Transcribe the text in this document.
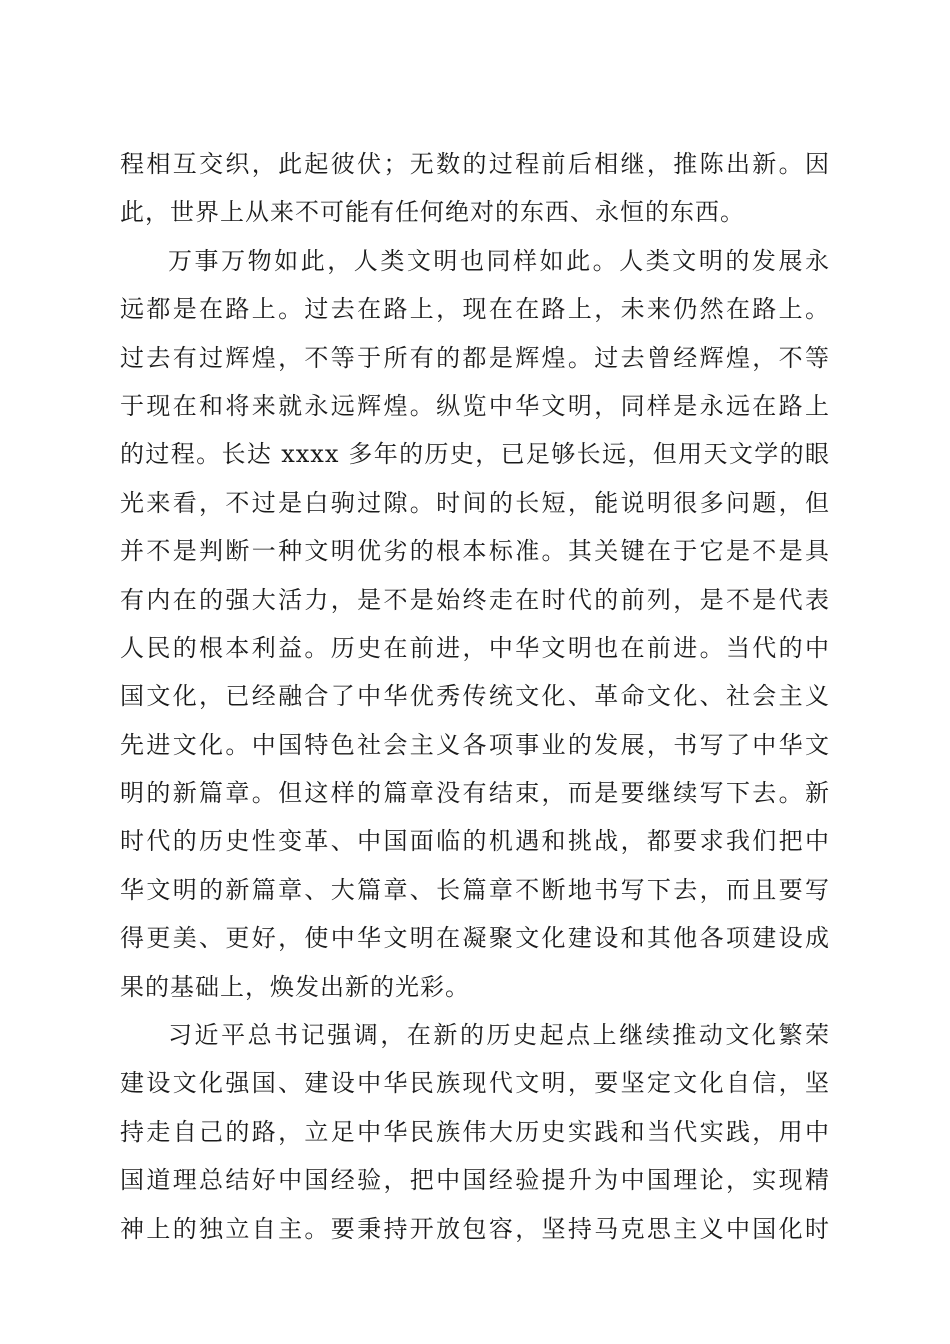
程相互交织，此起彼伏；无数的过程前后相继，推陈出新。因
此，世界上从来不可能有任何绝对的东西、永恒的东西。
万事万物如此，人类文明也同样如此。人类文明的发展永
远都是在路上。过去在路上，现在在路上，未来仍然在路上。
过去有过辉煌，不等于所有的都是辉煌。过去曾经辉煌，不等
于现在和将来就永远辉煌。纵览中华文明，同样是永远在路上
的过程。长达 xxxx 多年的历史，已足够长远，但用天文学的眼
光来看，不过是白驹过隙。时间的长短，能说明很多问题，但
并不是判断一种文明优劣的根本标准。其关键在于它是不是具
有内在的强大活力，是不是始终走在时代的前列，是不是代表
人民的根本利益。历史在前进，中华文明也在前进。当代的中
国文化，已经融合了中华优秀传统文化、革命文化、社会主义
先进文化。中国特色社会主义各项事业的发展，书写了中华文
明的新篇章。但这样的篇章没有结束，而是要继续写下去。新
时代的历史性变革、中国面临的机遇和挑战，都要求我们把中
华文明的新篇章、大篇章、长篇章不断地书写下去，而且要写
得更美、更好，使中华文明在凝聚文化建设和其他各项建设成
果的基础上，焕发出新的光彩。
习近平总书记强调，在新的历史起点上继续推动文化繁荣
建设文化强国、建设中华民族现代文明，要坚定文化自信，坚
持走自己的路，立足中华民族伟大历史实践和当代实践，用中
国道理总结好中国经验，把中国经验提升为中国理论，实现精
神上的独立自主。要秉持开放包容，坚持马克思主义中国化时
